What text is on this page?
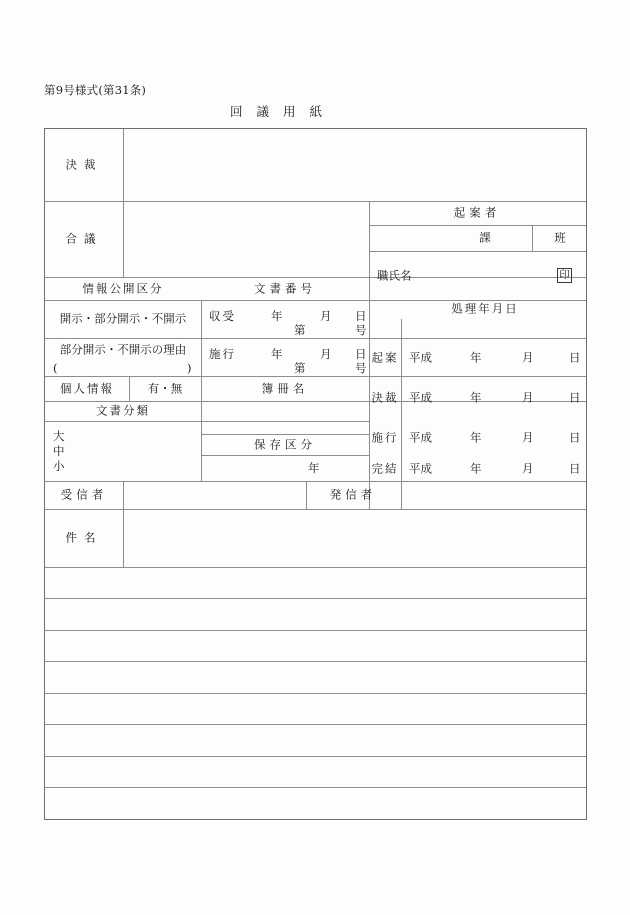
第9号様式(第31条)
回議用紙
決裁
合議
起案者
課	班
職氏名	印
情報公開区分
開示・部分開示・不開示
部分開示・不開示の理由
(	)
文書番号
収受	年	月 日
第	号
施行	年	月 日
第	号
個人情報	有・無
文書分類
大
中
小
簿冊名
保存区分
年
処理年月日
起案 平成	年	月	日
決裁 平成	年	月	日
施行 平成	年	月	日
完結 平成	年	月	日
受信者	発信者
件名
